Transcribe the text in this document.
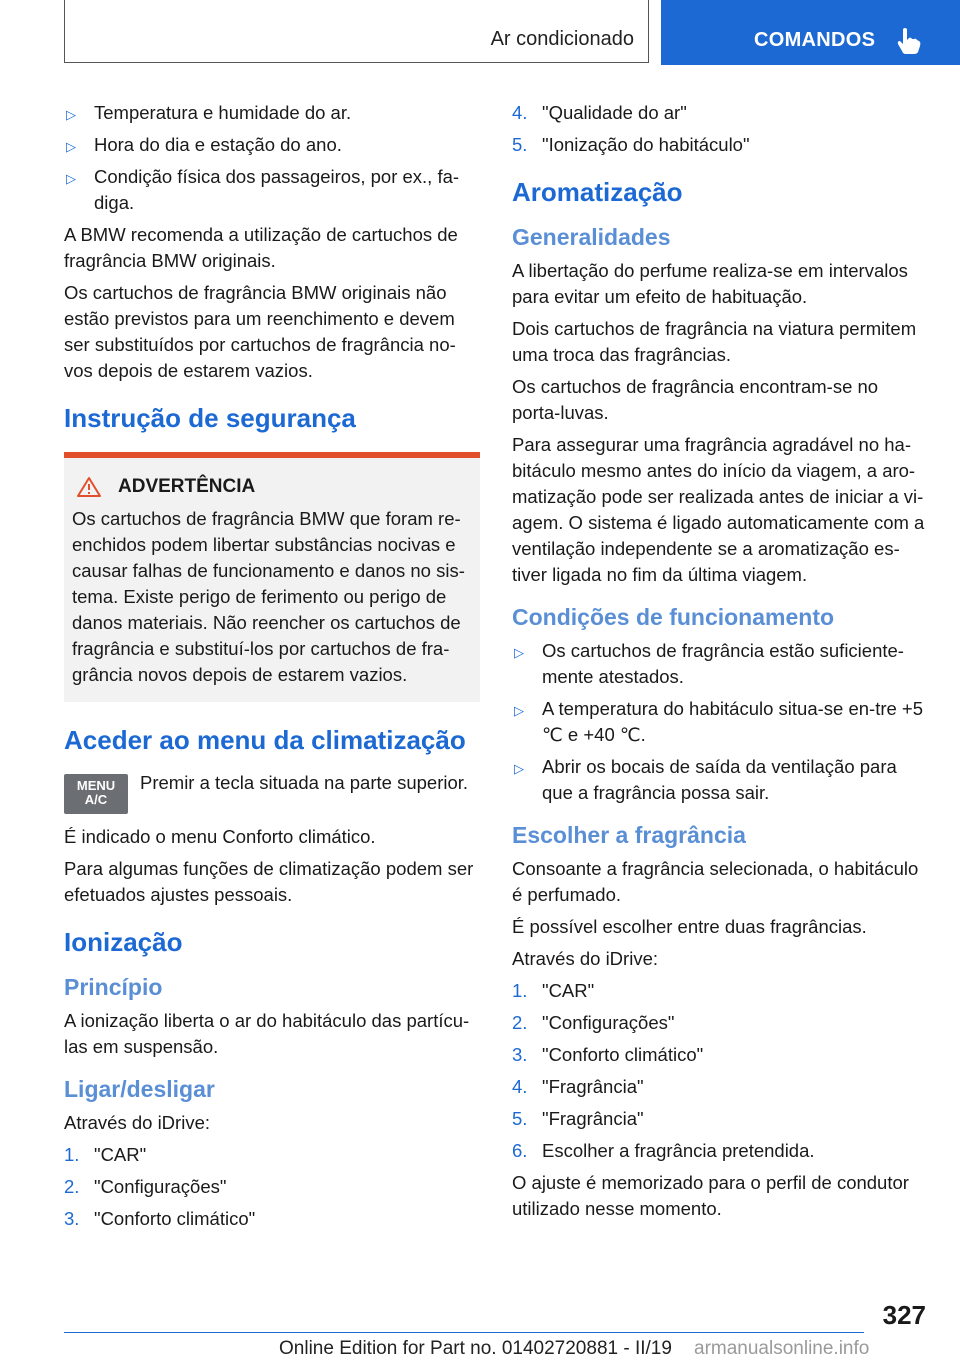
Ar condicionado	COMANDOS
▷ Temperatura e humidade do ar.
▷ Hora do dia e estação do ano.
▷ Condição física dos passageiros, por ex., fa-diga.

A BMW recomenda a utilização de cartuchos de fragrância BMW originais.

Os cartuchos de fragrância BMW originais não estão previstos para um reenchimento e devem ser substituídos por cartuchos de fragrância no-vos depois de estarem vazios.

Instrução de segurança
ADVERTÊNCIA

Os cartuchos de fragrância BMW que foram re-enchidos podem libertar substâncias nocivas e causar falhas de funcionamento e danos no sis-tema. Existe perigo de ferimento ou perigo de danos materiais. Não reencher os cartuchos de fragrância e substituí-los por cartuchos de fra-grância novos depois de estarem vazios.

Aceder ao menu da climatização
MENU
A/C
Premir a tecla situada na parte superior.

É indicado o menu Conforto climático.

Para algumas funções de climatização podem ser efetuados ajustes pessoais.

Ionização
Princípio

A ionização liberta o ar do habitáculo das partícu-las em suspensão.

Ligar/desligar

Através do iDrive:

1. "CAR"
2. "Configurações"
3. "Conforto climático"
4. "Qualidade do ar"
5. "Ionização do habitáculo"
Aromatização
Generalidades

A libertação do perfume realiza-se em intervalos para evitar um efeito de habituação.

Dois cartuchos de fragrância na viatura permitem uma troca das fragrâncias.

Os cartuchos de fragrância encontram-se no porta-luvas.

Para assegurar uma fragrância agradável no ha-bitáculo mesmo antes do início da viagem, a aro-matização pode ser realizada antes de iniciar a vi-agem. O sistema é ligado automaticamente com a ventilação independente se a aromatização es-tiver ligada no fim da última viagem.

Condições de funcionamento
▷ Os cartuchos de fragrância estão suficiente-mente atestados.
▷ A temperatura do habitáculo situa-se en-tre +5 ℃ e +40 ℃.
▷ Abrir os bocais de saída da ventilação para que a fragrância possa sair.
Escolher a fragrância

Consoante a fragrância selecionada, o habitáculo é perfumado.

É possível escolher entre duas fragrâncias.

Através do iDrive:

1. "CAR"
2. "Configurações"
3. "Conforto climático"
4. "Fragrância"
5. "Fragrância"
6. Escolher a fragrância pretendida.

O ajuste é memorizado para o perfil de condutor utilizado nesse momento.

327
Online Edition for Part no. 01402720881 - II/19 armanualsonline.info
